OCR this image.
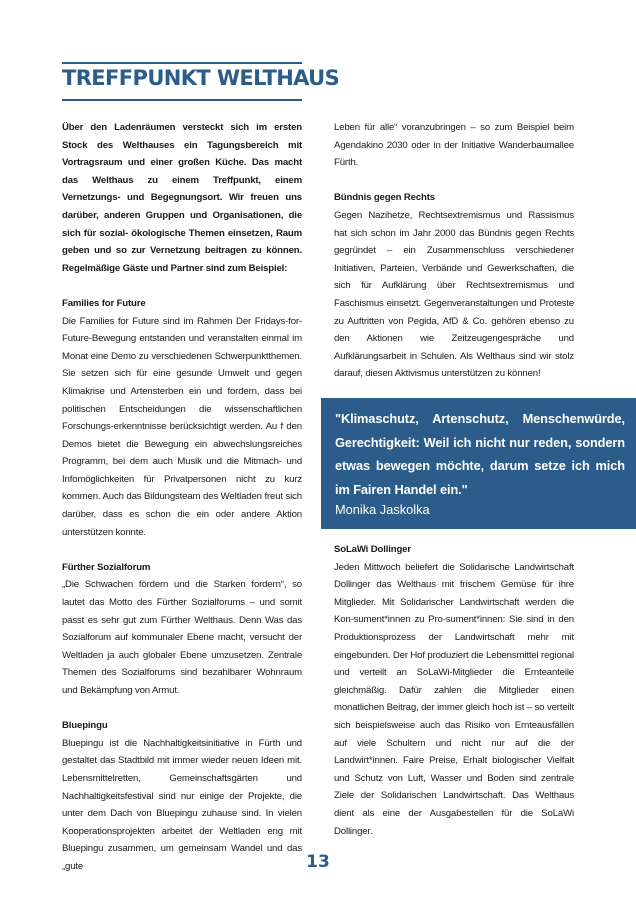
TREFFPUNKT WELTHAUS

Über den Ladenräumen versteckt sich im ersten Stock des Welthauses ein Tagungsbereich mit Vortragsraum und einer großen Küche. Das macht das Welthaus zu einem Treffpunkt, einem Vernetzungs- und Begegnungsort. Wir freuen uns darüber, anderen Gruppen und Organisationen, die sich für sozial- ökologische Themen einsetzen, Raum geben und so zur Vernetzung beitragen zu können. Regelmäßige Gäste und Partner sind zum Beispiel:

Families for Future

Die Families for Future sind im Rahmen Der Fridays-for-Future-Bewegung entstanden und veranstalten einmal im Monat eine Demo zu verschiedenen Schwerpunktthemen. Sie setzen sich für eine gesunde Umwelt und gegen Klimakrise und Artensterben ein und fordern, dass bei politischen Entscheidungen die wissenschaftlichen Forschungs-erkenntnisse berücksichtigt werden. Au f den Demos bietet die Bewegung ein abwechslungsreiches Programm, bei dem auch Musik und die Mitmach- und Infomöglichkeiten für Privatpersonen nicht zu kurz kommen. Auch das Bildungsteam des Weltladen freut sich darüber, dass es schon die ein oder andere Aktion unterstützen konnte.

Fürther Sozialforum

„Die Schwachen fördern und die Starken fordern“, so lautet das Motto des Fürther Sozialforums – und somit passt es sehr gut zum Fürther Welthaus. Denn Was das Sozialforum auf kommunaler Ebene macht, versucht der Weltladen ja auch globaler Ebene umzusetzen. Zentrale Themen des Sozialforums sind bezahlbarer Wohnraum und Bekämpfung von Armut.

Bluepingu

Bluepingu ist die Nachhaltigkeitsinitiative in Fürth und gestaltet das Stadtbild mit immer wieder neuen Ideen mit. Lebensmittelretten, Gemeinschaftsgärten und Nachhaltigkeitsfestival sind nur einige der Projekte, die unter dem Dach von Bluepingu zuhause sind. In vielen Kooperationsprojekten arbeitet der Weltladen eng mit Bluepingu zusammen, um gemeinsam Wandel und das „gute

Leben für alle“ voranzubringen – so zum Beispiel beim Agendakino 2030 oder in der Initiative Wanderbaumallee Fürth.

Bündnis gegen Rechts

Gegen Nazihetze, Rechtsextremismus und Rassismus hat sich schon im Jahr 2000 das Bündnis gegen Rechts gegründet – ein Zusammenschluss verschiedener Initiativen, Parteien, Verbände und Gewerkschaften, die sich für Aufklärung über Rechtsextremismus und Faschismus einsetzt. Gegenveranstaltungen und Proteste zu Auftritten von Pegida, AfD & Co. gehören ebenso zu den Aktionen wie Zeitzeugengespräche und Aufklärungsarbeit in Schulen. Als Welthaus sind wir stolz darauf, diesen Aktivismus unterstützen zu können!

"Klimaschutz, Artenschutz, Menschenwürde, Gerechtigkeit: Weil ich nicht nur reden, sondern etwas bewegen möchte, darum setze ich mich im Fairen Handel ein."

Monika Jaskolka
SoLaWi Dollinger

Jeden Mittwoch beliefert die Solidarische Landwirtschaft Dollinger das Welthaus mit frischem Gemüse für ihre Mitglieder. Mit Solidarischer Landwirtschaft werden die Kon-sument*innen zu Pro-sument*innen: Sie sind in den Produktionsprozess der Landwirtschaft mehr mit eingebunden. Der Hof produziert die Lebensmittel regional und verteilt an SoLaWi-Mitglieder die Ernteanteile gleichmäßig. Dafür zahlen die Mitglieder einen monatlichen Beitrag, der immer gleich hoch ist – so verteilt sich beispielsweise auch das Risiko von Ernteausfällen auf viele Schultern und nicht nur auf die der Landwirt*innen. Faire Preise, Erhalt biologischer Vielfalt und Schutz von Luft, Wasser und Boden sind zentrale Ziele der Solidarischen Landwirtschaft. Das Welthaus dient als eine der Ausgabestellen für die SoLaWi Dollinger.

13
